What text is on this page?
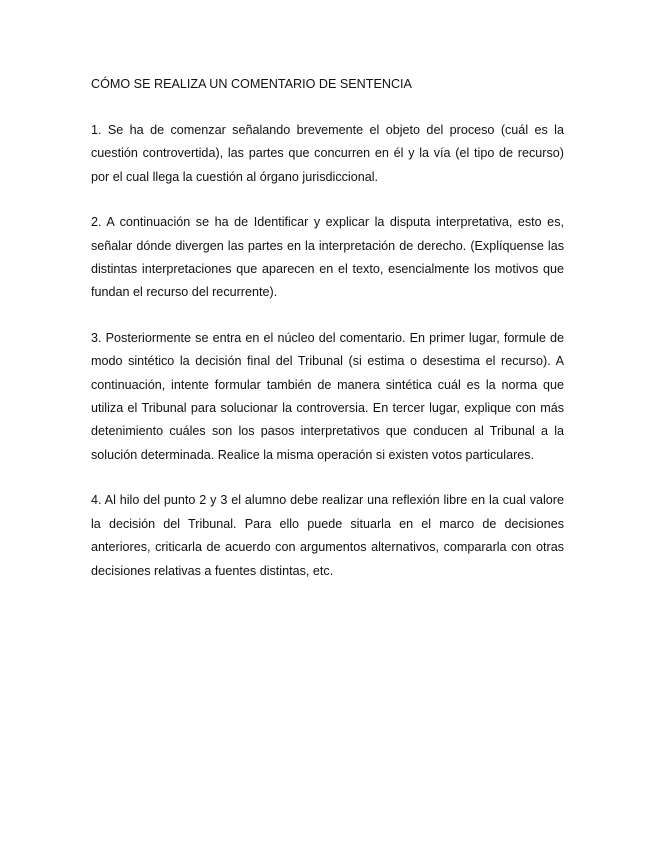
CÓMO SE REALIZA UN COMENTARIO DE SENTENCIA

1. Se ha de comenzar señalando brevemente el objeto del proceso (cuál es la cuestión controvertida), las partes que concurren en él y la vía (el tipo de recurso) por el cual llega la cuestión al órgano jurisdiccional.

2. A continuación se ha de Identificar y explicar la disputa interpretativa, esto es, señalar dónde divergen las partes en la interpretación de derecho. (Explíquense las distintas interpretaciones que aparecen en el texto, esencialmente los motivos que fundan el recurso del recurrente).

3. Posteriormente se entra en el núcleo del comentario. En primer lugar, formule de modo sintético la decisión final del Tribunal (si estima o desestima el recurso). A continuación, intente formular también de manera sintética cuál es la norma que utiliza el Tribunal para solucionar la controversia. En tercer lugar, explique con más detenimiento cuáles son los pasos interpretativos que conducen al Tribunal a la solución determinada. Realice la misma operación si existen votos particulares.

4. Al hilo del punto 2 y 3 el alumno debe realizar una reflexión libre en la cual valore la decisión del Tribunal. Para ello puede situarla en el marco de decisiones anteriores, criticarla de acuerdo con argumentos alternativos, compararla con otras decisiones relativas a fuentes distintas, etc.
